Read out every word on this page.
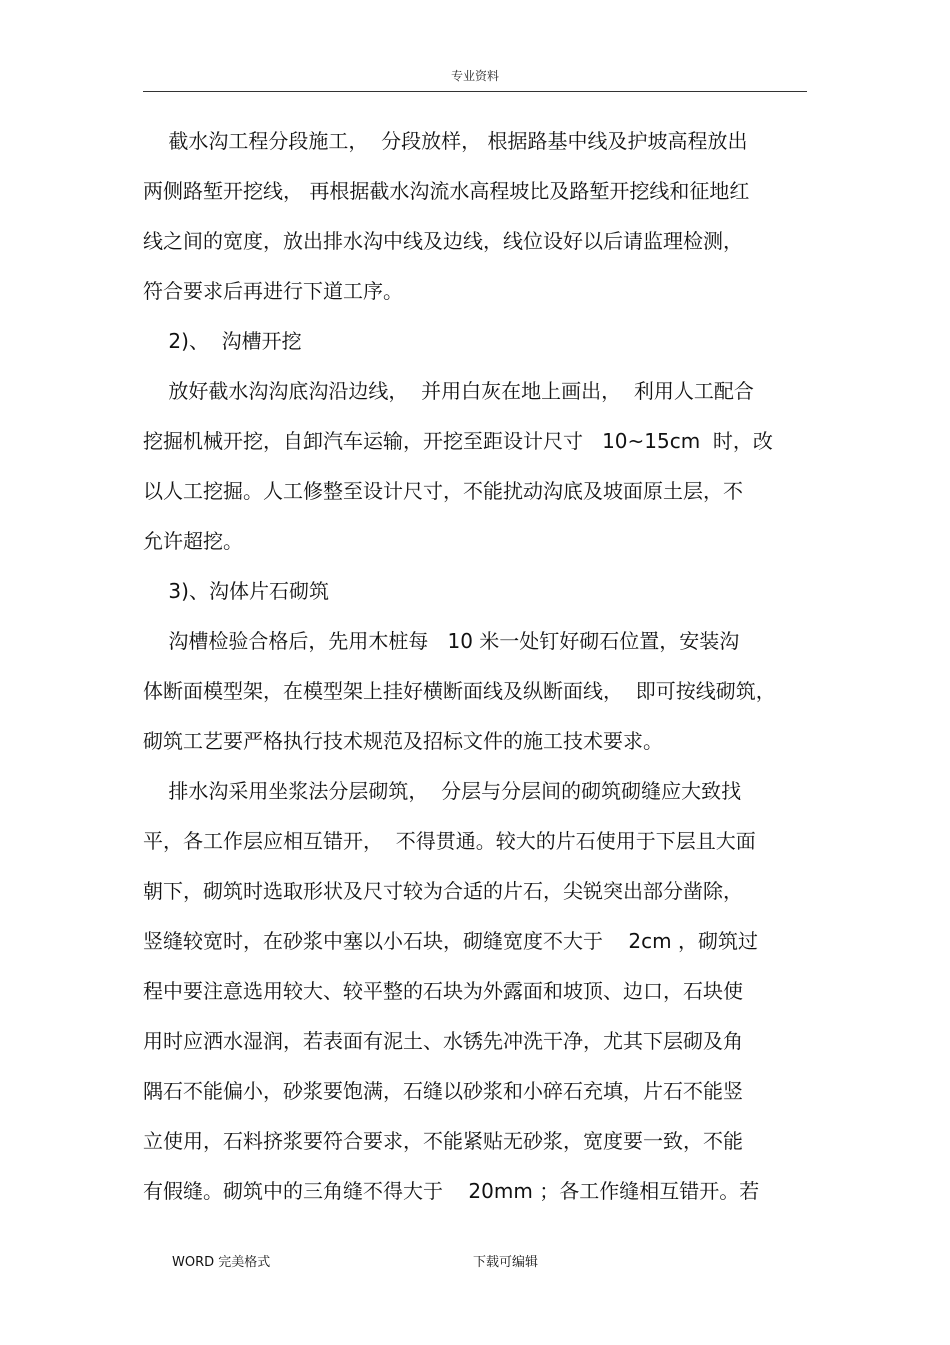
专业资料
截水沟工程分段施工，  分段放样， 根据路基中线及护坡高程放出
两侧路堑开挖线， 再根据截水沟流水高程坡比及路堑开挖线和征地红
线之间的宽度，放出排水沟中线及边线，线位设好以后请监理检测，
符合要求后再进行下道工序。
2)、  沟槽开挖
放好截水沟沟底沟沿边线，  并用白灰在地上画出，  利用人工配合
挖掘机械开挖，自卸汽车运输，开挖至距设计尺寸   10~15cm  时，改
以人工挖掘。人工修整至设计尺寸，不能扰动沟底及坡面原土层，不
允许超挖。
3)、沟体片石砌筑
沟槽检验合格后，先用木桩每   10 米一处钉好砌石位置，安装沟
体断面模型架，在模型架上挂好横断面线及纵断面线，  即可按线砌筑，
砌筑工艺要严格执行技术规范及招标文件的施工技术要求。
排水沟采用坐浆法分层砌筑，  分层与分层间的砌筑砌缝应大致找
平，各工作层应相互错开，  不得贯通。较大的片石使用于下层且大面
朝下，砌筑时选取形状及尺寸较为合适的片石，尖锐突出部分凿除，
竖缝较宽时，在砂浆中塞以小石块，砌缝宽度不大于    2cm ，砌筑过
程中要注意选用较大、较平整的石块为外露面和坡顶、边口，石块使
用时应洒水湿润，若表面有泥土、水锈先冲洗干净，尤其下层砌及角
隅石不能偏小，砂浆要饱满，石缝以砂浆和小碎石充填，片石不能竖
立使用，石料挤浆要符合要求，不能紧贴无砂浆，宽度要一致，不能
有假缝。砌筑中的三角缝不得大于    20mm ；各工作缝相互错开。若
WORD 完美格式	下载可编辑
